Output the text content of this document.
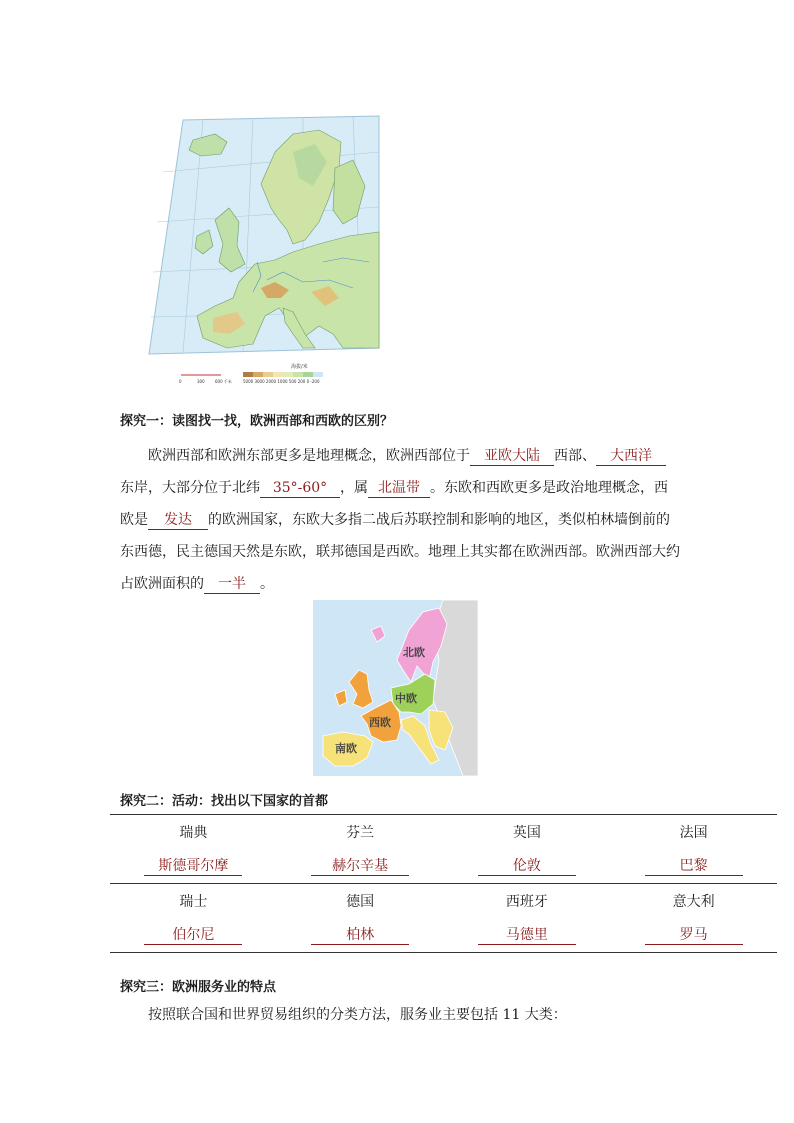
海拔/米
5000 3000 2000 1000 500 200 0 -200
0	300	600 千米
探究一：读图找一找，欧洲西部和西欧的区别？
欧洲西部和欧洲东部更多是地理概念，欧洲西部位于 亚欧大陆 西部、 大西洋
东岸，大部分位于北纬 35°-60° ，属 北温带 。东欧和西欧更多是政治地理概念，西
欧是 发达 的欧洲国家，东欧大多指二战后苏联控制和影响的地区，类似柏林墙倒前的
东西德，民主德国天然是东欧，联邦德国是西欧。地理上其实都在欧洲西部。欧洲西部大约
占欧洲面积的 一半 。
北欧
中欧
西欧
南欧
探究二：活动：找出以下国家的首都
瑞典	芬兰	英国	法国
斯德哥尔摩	赫尔辛基	伦敦	巴黎
瑞士	德国	西班牙	意大利
伯尔尼	柏林	马德里	罗马
探究三：欧洲服务业的特点
按照联合国和世界贸易组织的分类方法，服务业主要包括 11 大类：
